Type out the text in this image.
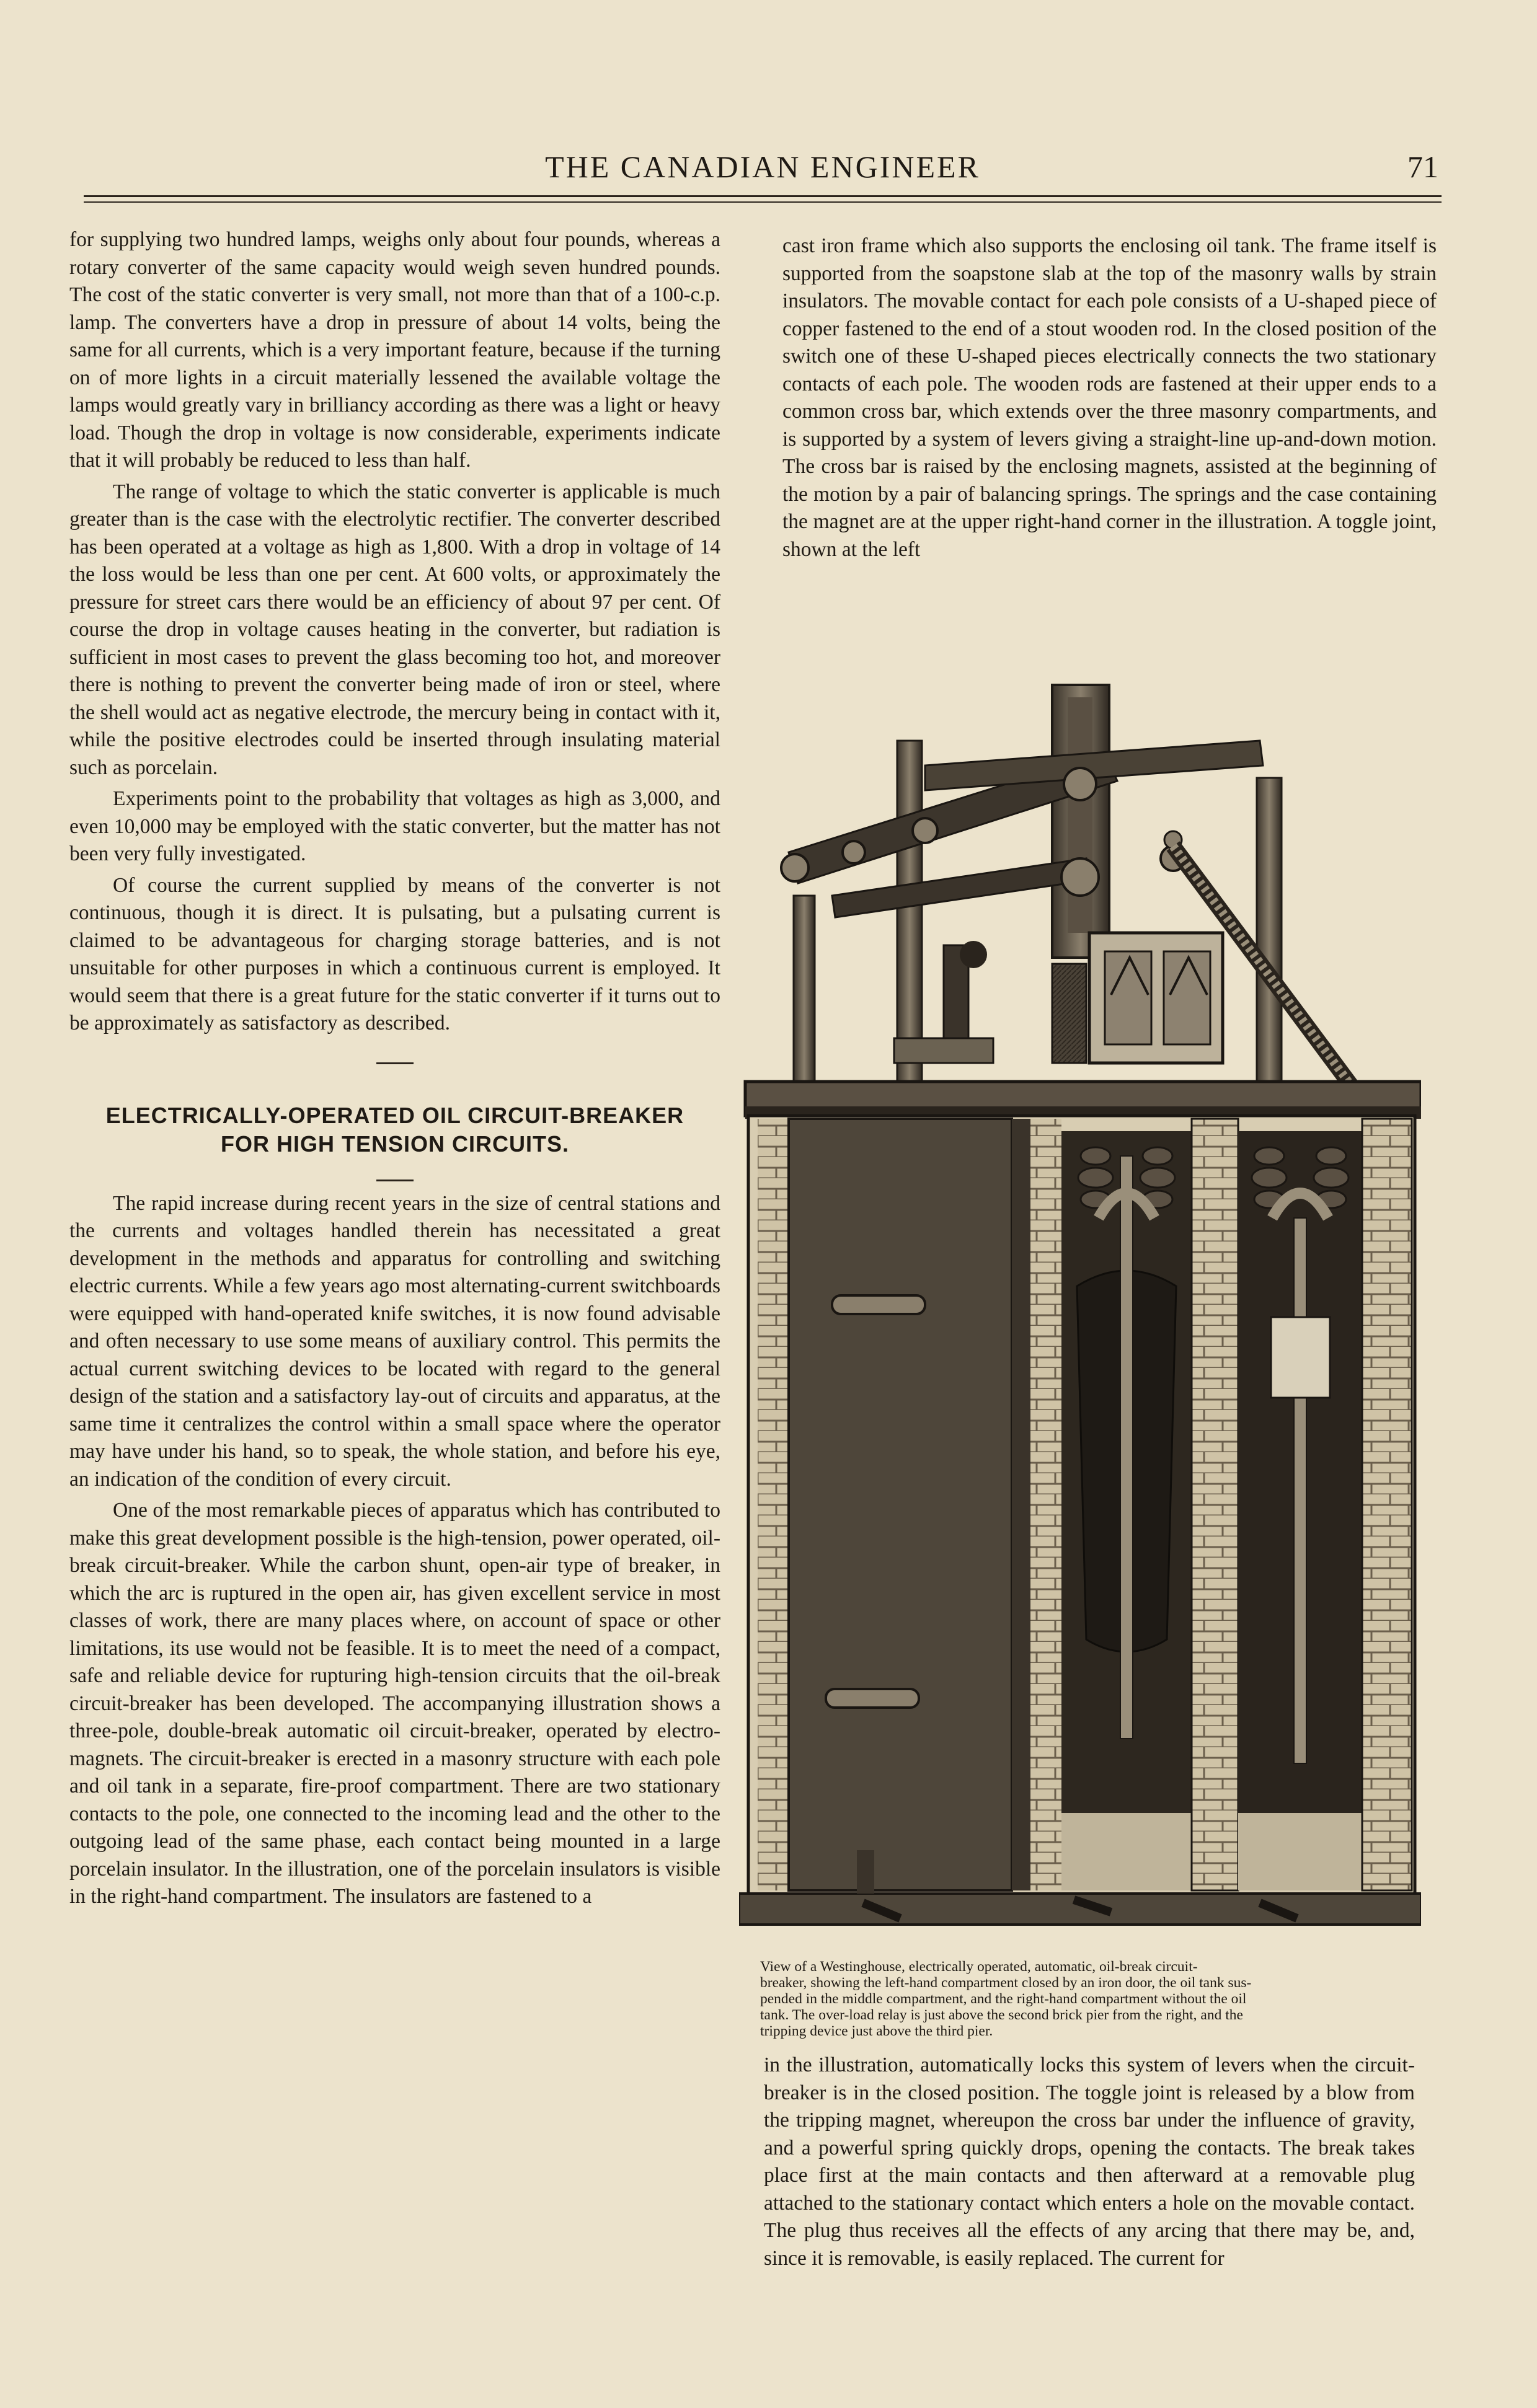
THE CANADIAN ENGINEER	71

for supplying two hundred lamps, weighs only about four pounds, whereas a rotary converter of the same capacity would weigh seven hundred pounds. The cost of the static converter is very small, not more than that of a 100-c.p. lamp. The converters have a drop in pressure of about 14 volts, being the same for all currents, which is a very important feature, because if the turning on of more lights in a circuit materially lessened the available voltage the lamps would greatly vary in brilliancy according as there was a light or heavy load. Though the drop in voltage is now considerable, experiments indicate that it will probably be reduced to less than half.

The range of voltage to which the static converter is applicable is much greater than is the case with the electrolytic rectifier. The converter described has been operated at a voltage as high as 1,800. With a drop in voltage of 14 the loss would be less than one per cent. At 600 volts, or approximately the pressure for street cars there would be an efficiency of about 97 per cent. Of course the drop in voltage causes heating in the converter, but radiation is sufficient in most cases to prevent the glass becoming too hot, and moreover there is nothing to prevent the converter being made of iron or steel, where the shell would act as negative electrode, the mercury being in contact with it, while the positive electrodes could be inserted through insulating material such as porcelain.

Experiments point to the probability that voltages as high as 3,000, and even 10,000 may be employed with the static converter, but the matter has not been very fully investigated.

Of course the current supplied by means of the converter is not continuous, though it is direct. It is pulsating, but a pulsating current is claimed to be advantageous for charging storage batteries, and is not unsuitable for other purposes in which a continuous current is employed. It would seem that there is a great future for the static converter if it turns out to be approximately as satisfactory as described.

ELECTRICALLY-OPERATED OIL CIRCUIT-BREAKER
FOR HIGH TENSION CIRCUITS.

The rapid increase during recent years in the size of central stations and the currents and voltages handled therein has necessitated a great development in the methods and apparatus for controlling and switching electric currents. While a few years ago most alternating-current switchboards were equipped with hand-operated knife switches, it is now found advisable and often necessary to use some means of auxiliary control. This permits the actual current switching devices to be located with regard to the general design of the station and a satisfactory lay-out of circuits and apparatus, at the same time it centralizes the control within a small space where the operator may have under his hand, so to speak, the whole station, and before his eye, an indication of the condition of every circuit.

One of the most remarkable pieces of apparatus which has contributed to make this great development possible is the high-tension, power operated, oil-break circuit-breaker. While the carbon shunt, open-air type of breaker, in which the arc is ruptured in the open air, has given excellent service in most classes of work, there are many places where, on account of space or other limitations, its use would not be feasible. It is to meet the need of a compact, safe and reliable device for rupturing high-tension circuits that the oil-break circuit-breaker has been developed. The accompanying illustration shows a three-pole, double-break automatic oil circuit-breaker, operated by electro-magnets. The circuit-breaker is erected in a masonry structure with each pole and oil tank in a separate, fire-proof compartment. There are two stationary contacts to the pole, one connected to the incoming lead and the other to the outgoing lead of the same phase, each contact being mounted in a large porcelain insulator. In the illustration, one of the porcelain insulators is visible in the right-hand compartment. The insulators are fastened to a

cast iron frame which also supports the enclosing oil tank. The frame itself is supported from the soapstone slab at the top of the masonry walls by strain insulators. The movable contact for each pole consists of a U-shaped piece of copper fastened to the end of a stout wooden rod. In the closed position of the switch one of these U-shaped pieces electrically connects the two stationary contacts of each pole. The wooden rods are fastened at their upper ends to a common cross bar, which extends over the three masonry compartments, and is supported by a system of levers giving a straight-line up-and-down motion. The cross bar is raised by the enclosing magnets, assisted at the beginning of the motion by a pair of balancing springs. The springs and the case containing the magnet are at the upper right-hand corner in the illustration. A toggle joint, shown at the left

View of a Westinghouse, electrically operated, automatic, oil-break circuit-
breaker, showing the left-hand compartment closed by an iron door, the oil tank sus-
pended in the middle compartment, and the right-hand compartment without the oil
tank. The over-load relay is just above the second brick pier from the right, and the
tripping device just above the third pier.

in the illustration, automatically locks this system of levers when the circuit-breaker is in the closed position. The toggle joint is released by a blow from the tripping magnet, whereupon the cross bar under the influence of gravity, and a powerful spring quickly drops, opening the contacts. The break takes place first at the main contacts and then afterward at a removable plug attached to the stationary contact which enters a hole on the movable contact. The plug thus receives all the effects of any arcing that there may be, and, since it is removable, is easily replaced. The current for
